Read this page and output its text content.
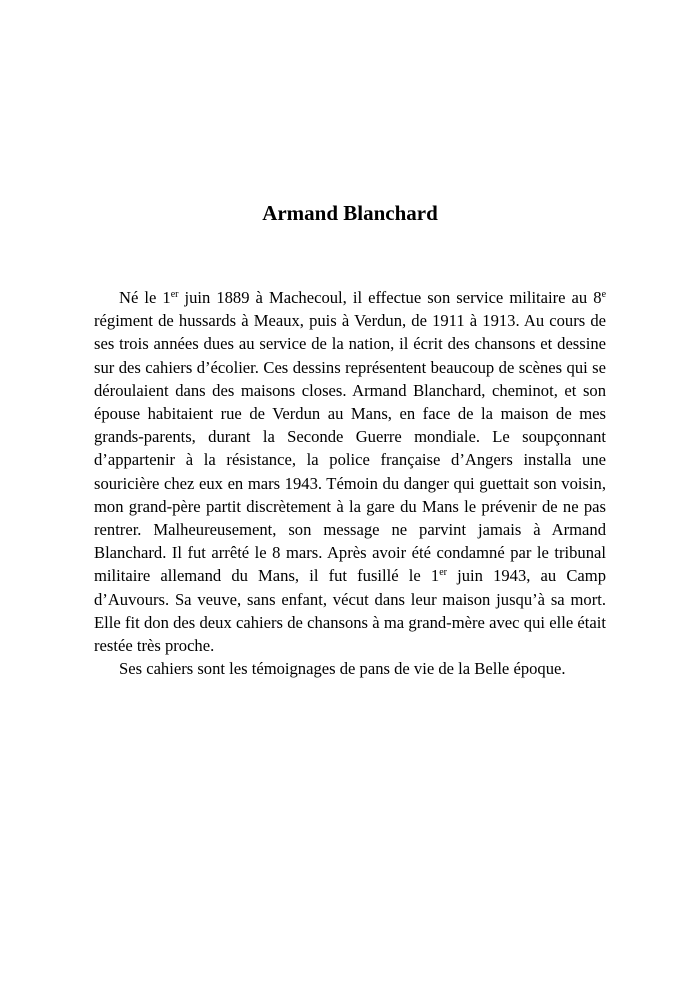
Armand Blanchard

Né le 1er juin 1889 à Machecoul, il effectue son service militaire au 8e régiment de hussards à Meaux, puis à Verdun, de 1911 à 1913. Au cours de ses trois années dues au service de la nation, il écrit des chansons et dessine sur des cahiers d’écolier. Ces dessins représentent beaucoup de scènes qui se déroulaient dans des maisons closes. Armand Blanchard, cheminot, et son épouse habitaient rue de Verdun au Mans, en face de la maison de mes grands-parents, durant la Seconde Guerre mondiale. Le soupçonnant d’appartenir à la résistance, la police française d’Angers installa une souricière chez eux en mars 1943. Témoin du danger qui guettait son voisin, mon grand-père partit discrètement à la gare du Mans le prévenir de ne pas rentrer. Malheureusement, son message ne parvint jamais à Armand Blanchard. Il fut arrêté le 8 mars. Après avoir été condamné par le tribunal militaire allemand du Mans, il fut fusillé le 1er juin 1943, au Camp d’Auvours. Sa veuve, sans enfant, vécut dans leur maison jusqu’à sa mort. Elle fit don des deux cahiers de chansons à ma grand-mère avec qui elle était restée très proche.

Ses cahiers sont les témoignages de pans de vie de la Belle époque.
